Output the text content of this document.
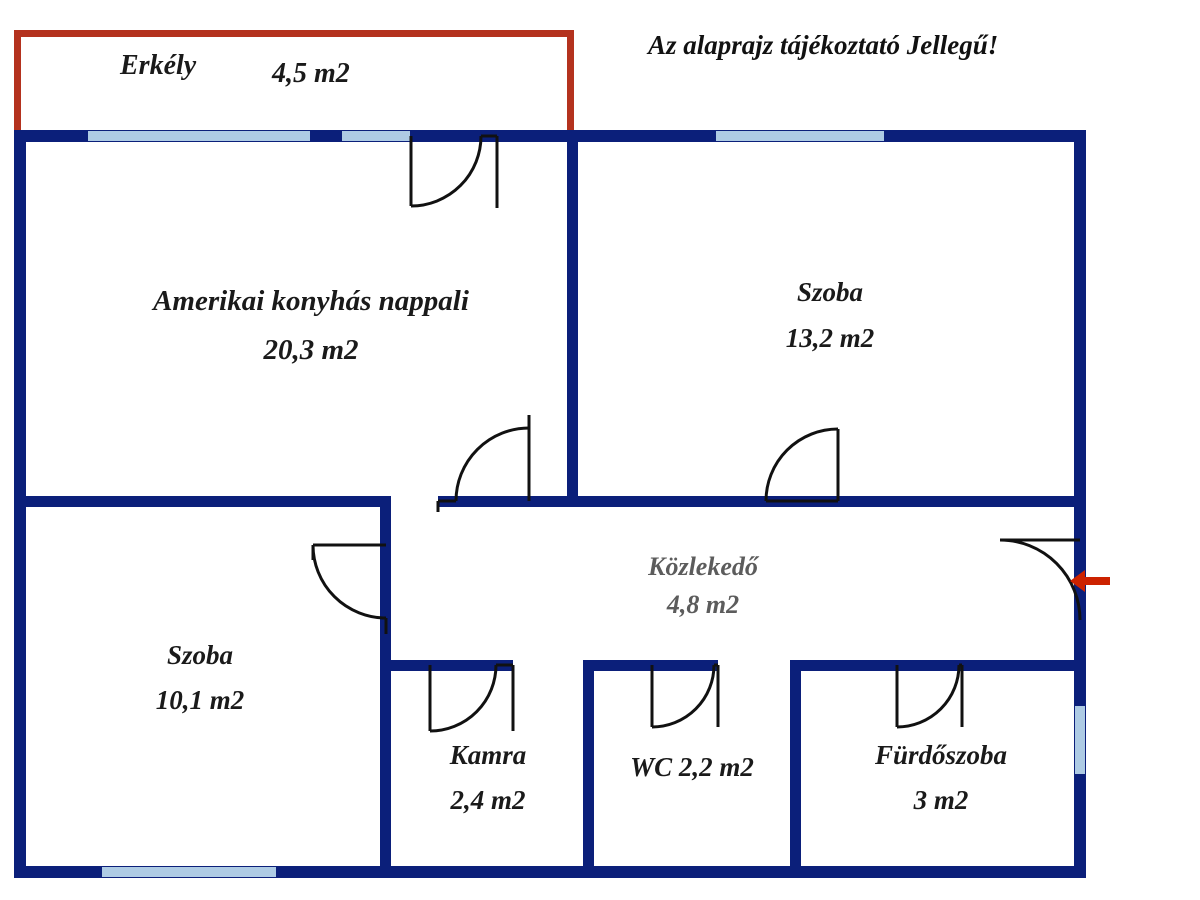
Az alaprajz tájékoztató Jellegű!
Erkély	4,5 m2
Amerikai konyhás nappali
20,3 m2
Szoba
13,2 m2
Közlekedő
4,8 m2
Szoba
10,1 m2
Kamra
2,4 m2
WC 2,2 m2	Fürdőszoba
3 m2
